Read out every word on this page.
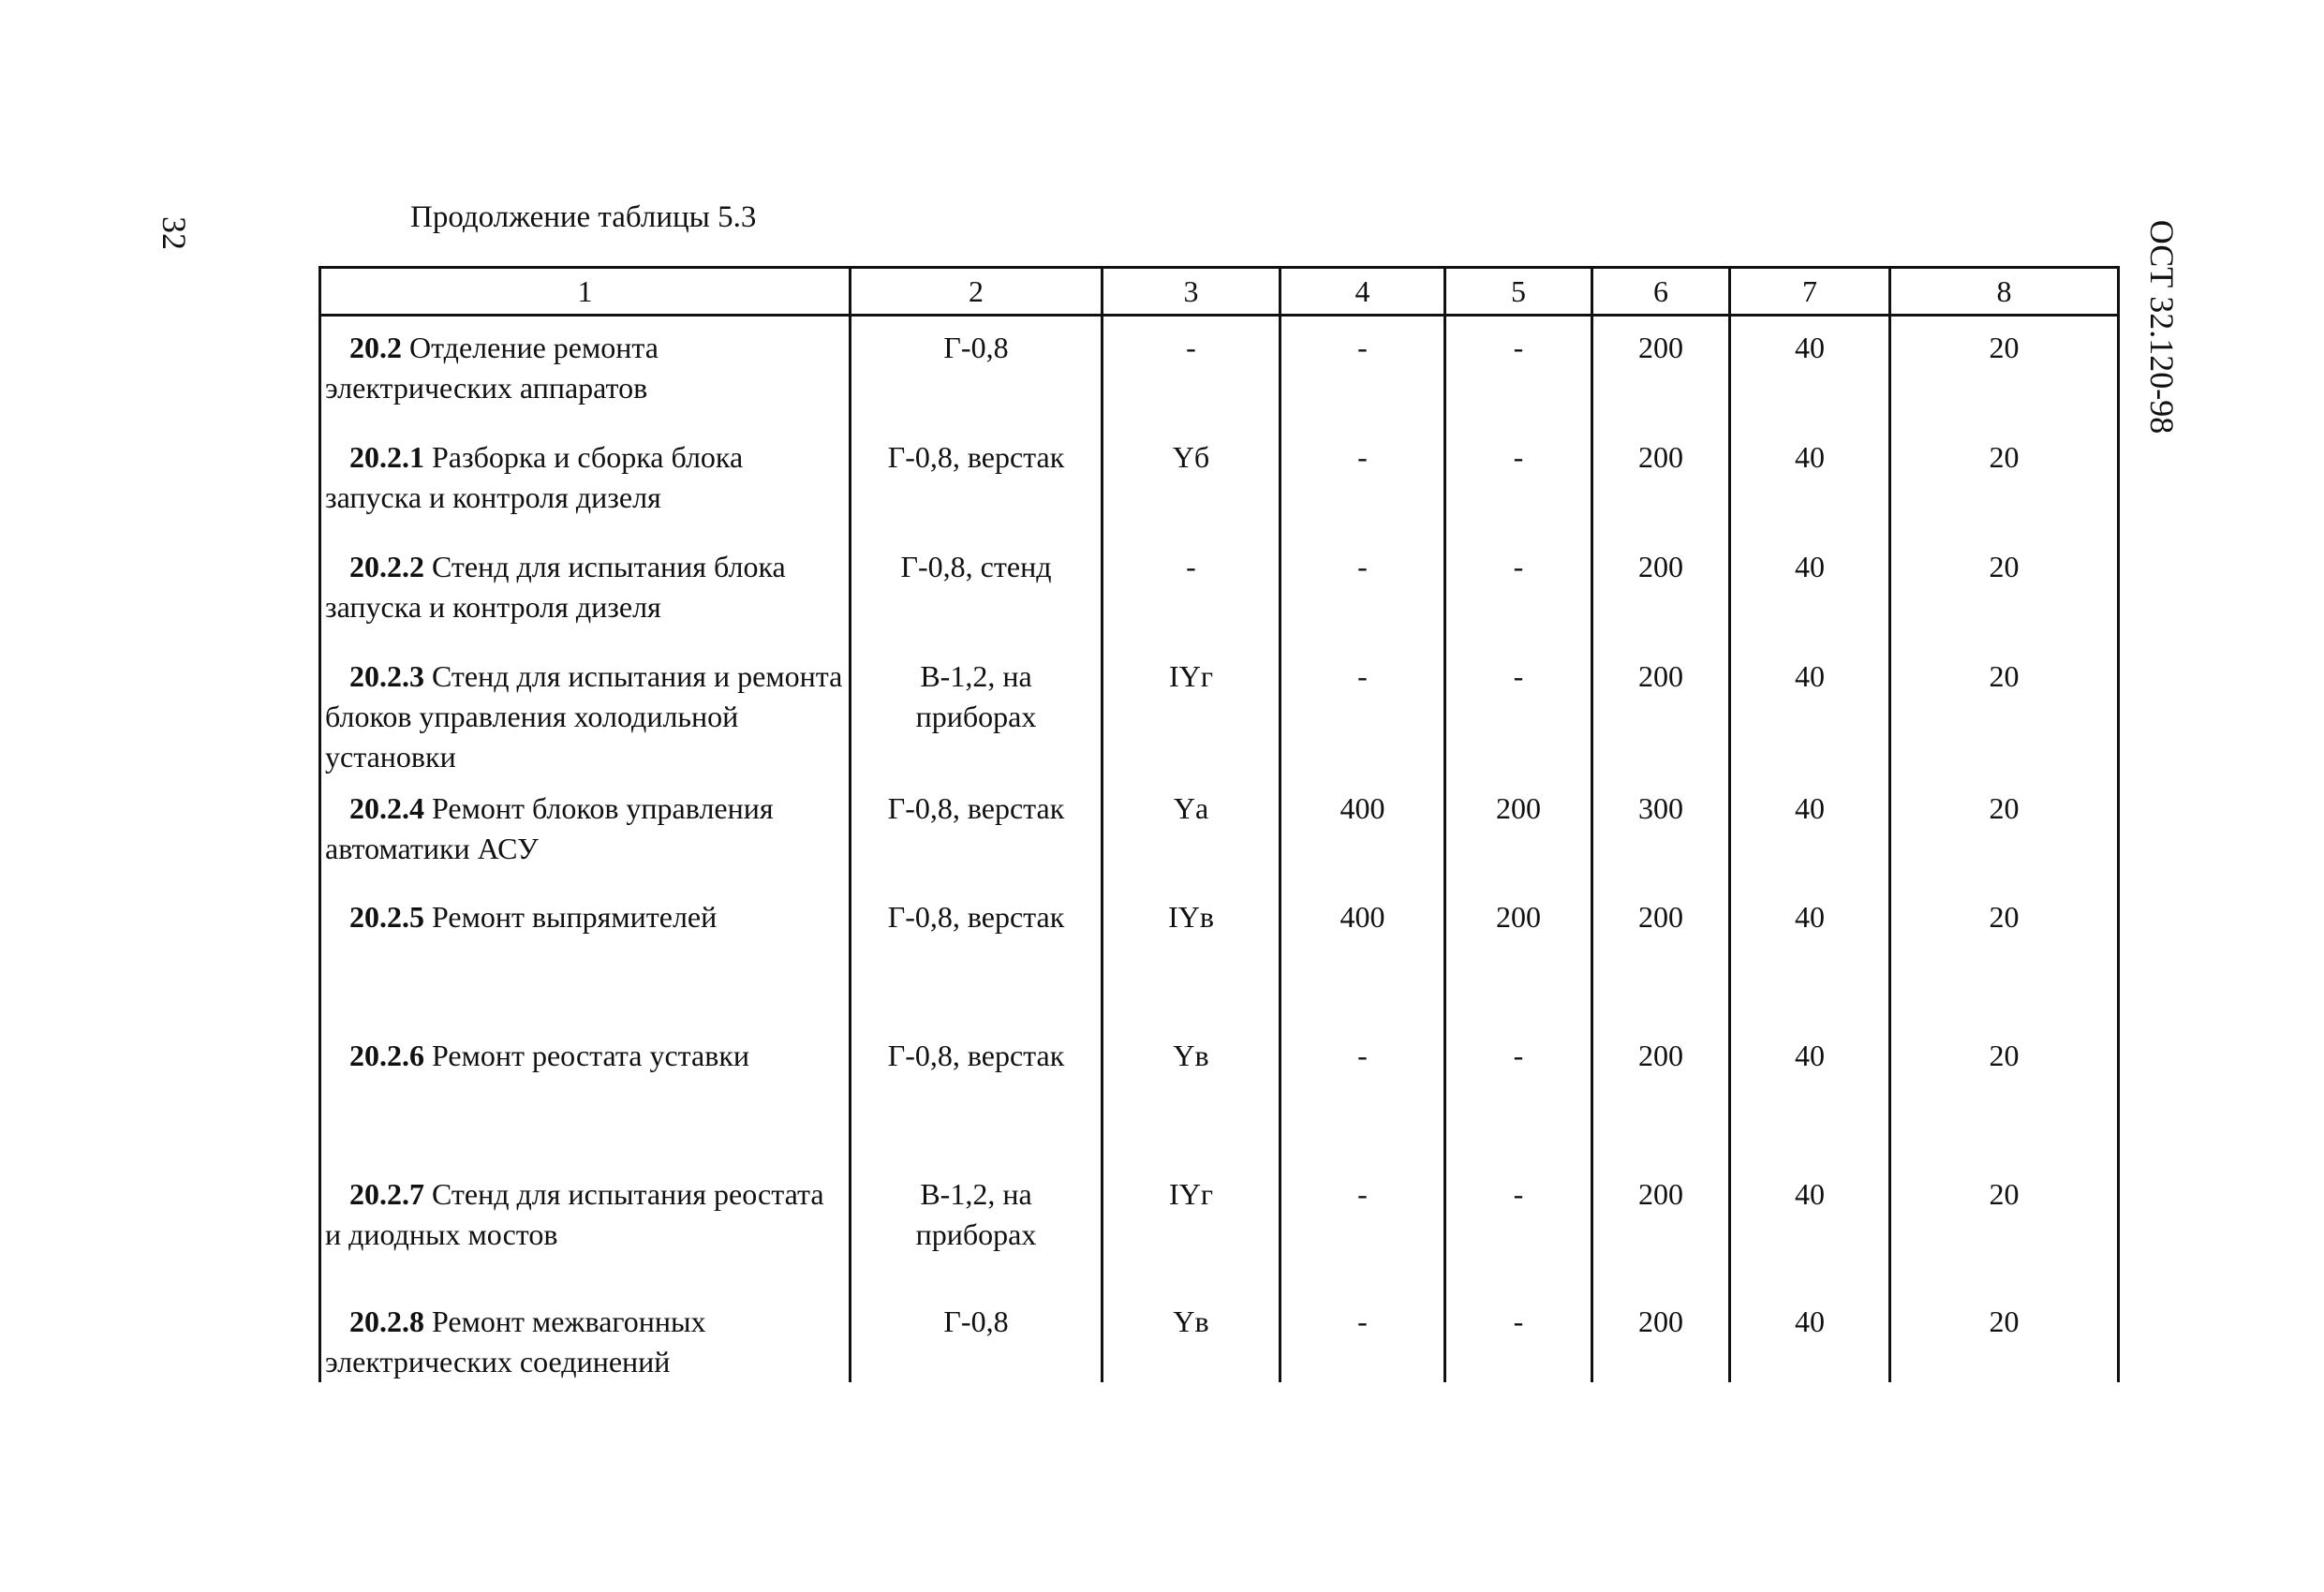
32	ОСТ 32.120-98
Продолжение таблицы 5.3
1	2	3	4	5	6	7	8
20.2 Отделение ремонта электрических аппаратов	Г-0,8	-	-	-	200	40	20
20.2.1 Разборка и сборка блока запуска и контроля дизеля	Г-0,8, верстак	Yб	-	-	200	40	20
20.2.2 Стенд для испытания блока запуска и контроля дизеля	Г-0,8, стенд	-	-	-	200	40	20
20.2.3 Стенд для испытания и ремонта блоков управления холодильной установки	В-1,2, на приборах	IYг	-	-	200	40	20
20.2.4 Ремонт блоков управления автоматики АСУ	Г-0,8, верстак	Yа	400	200	300	40	20
20.2.5 Ремонт выпрямителей	Г-0,8, верстак	IYв	400	200	200	40	20
20.2.6 Ремонт реостата уставки	Г-0,8, верстак	Yв	-	-	200	40	20
20.2.7 Стенд для испытания реостата и диодных мостов	В-1,2, на приборах	IYг	-	-	200	40	20
20.2.8 Ремонт межвагонных электрических соединений	Г-0,8	Yв	-	-	200	40	20
